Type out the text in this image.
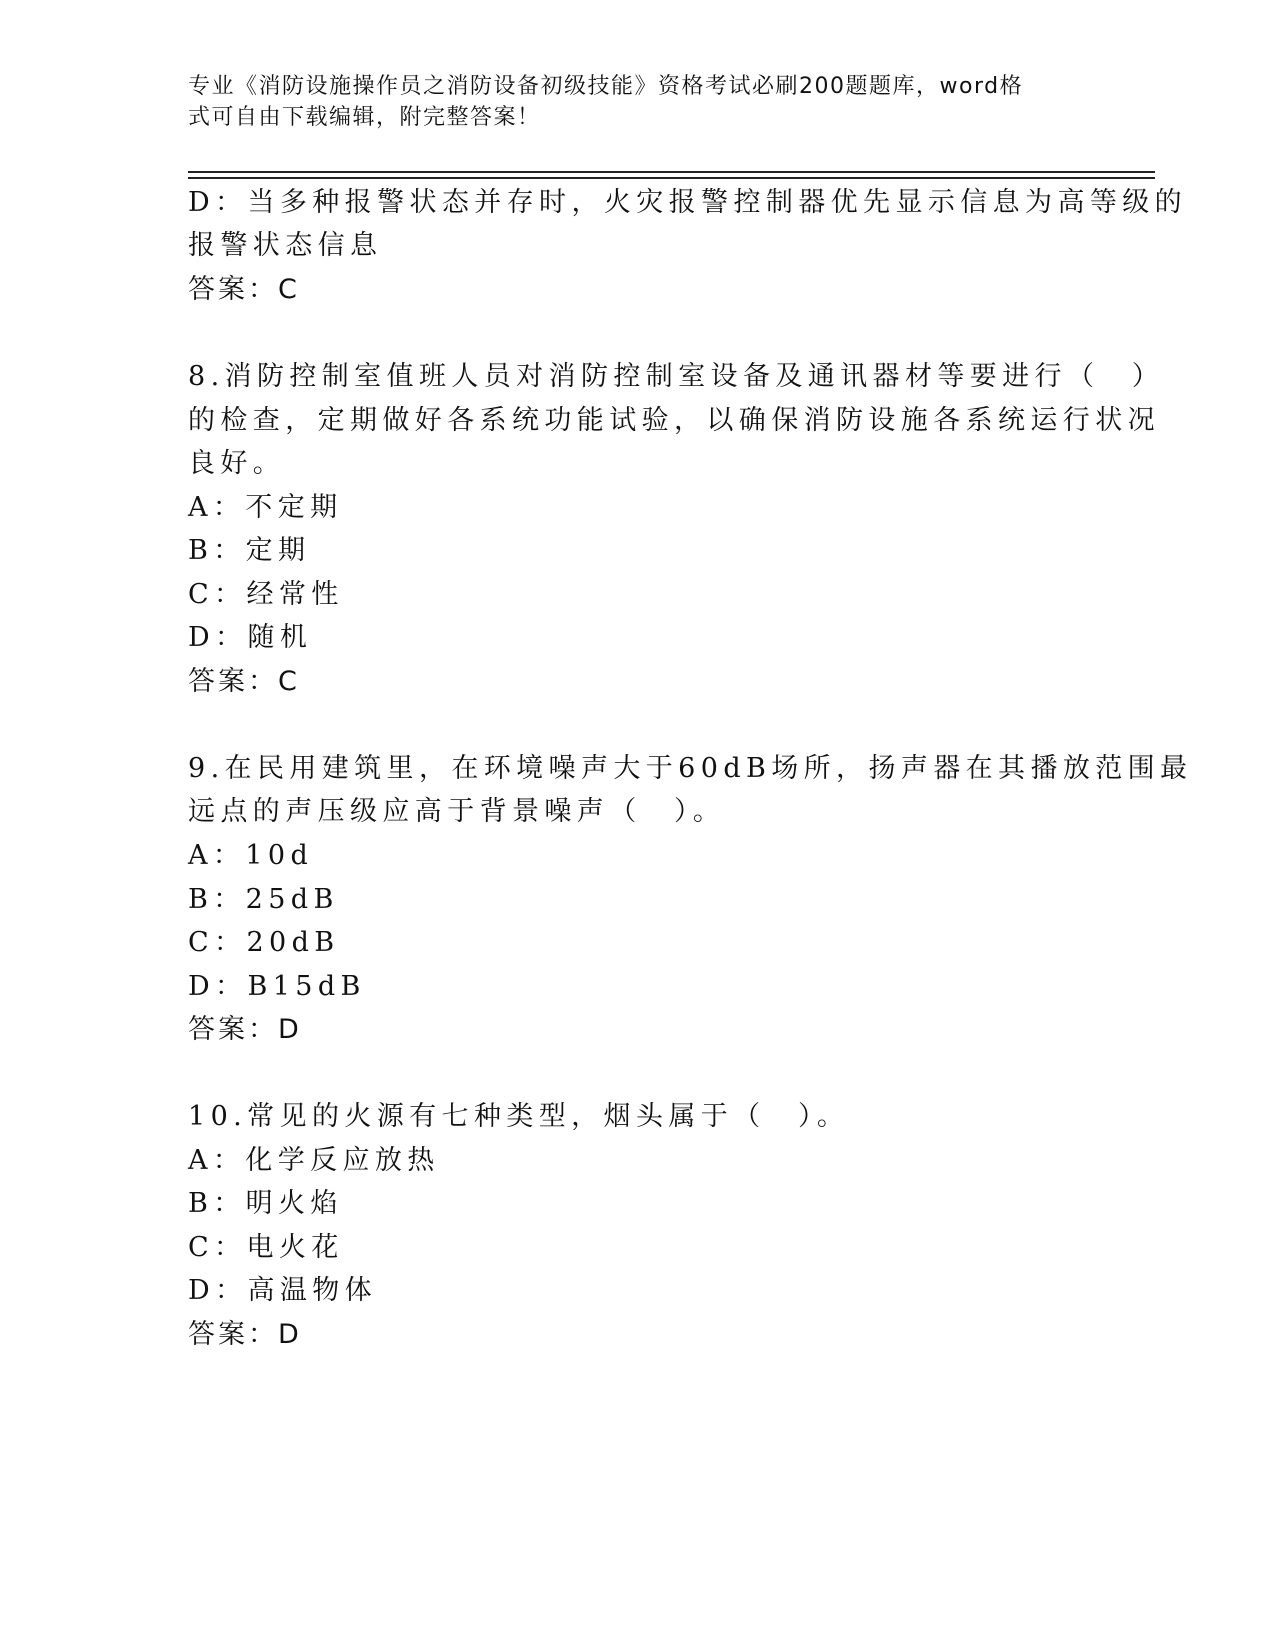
专业《消防设施操作员之消防设备初级技能》资格考试必刷200题题库，word格
式可自由下载编辑，附完整答案！
D：当多种报警状态并存时，火灾报警控制器优先显示信息为高等级的
报警状态信息
答案：C
8.消防控制室值班人员对消防控制室设备及通讯器材等要进行（　）
的检查，定期做好各系统功能试验，以确保消防设施各系统运行状况
良好。
A：不定期
B：定期
C：经常性
D：随机
答案：C
9.在民用建筑里，在环境噪声大于60dB场所，扬声器在其播放范围最
远点的声压级应高于背景噪声（　）。
A：10d
B：25dB
C：20dB
D：B15dB
答案：D
10.常见的火源有七种类型，烟头属于（　）。
A：化学反应放热
B：明火焰
C：电火花
D：高温物体
答案：D
